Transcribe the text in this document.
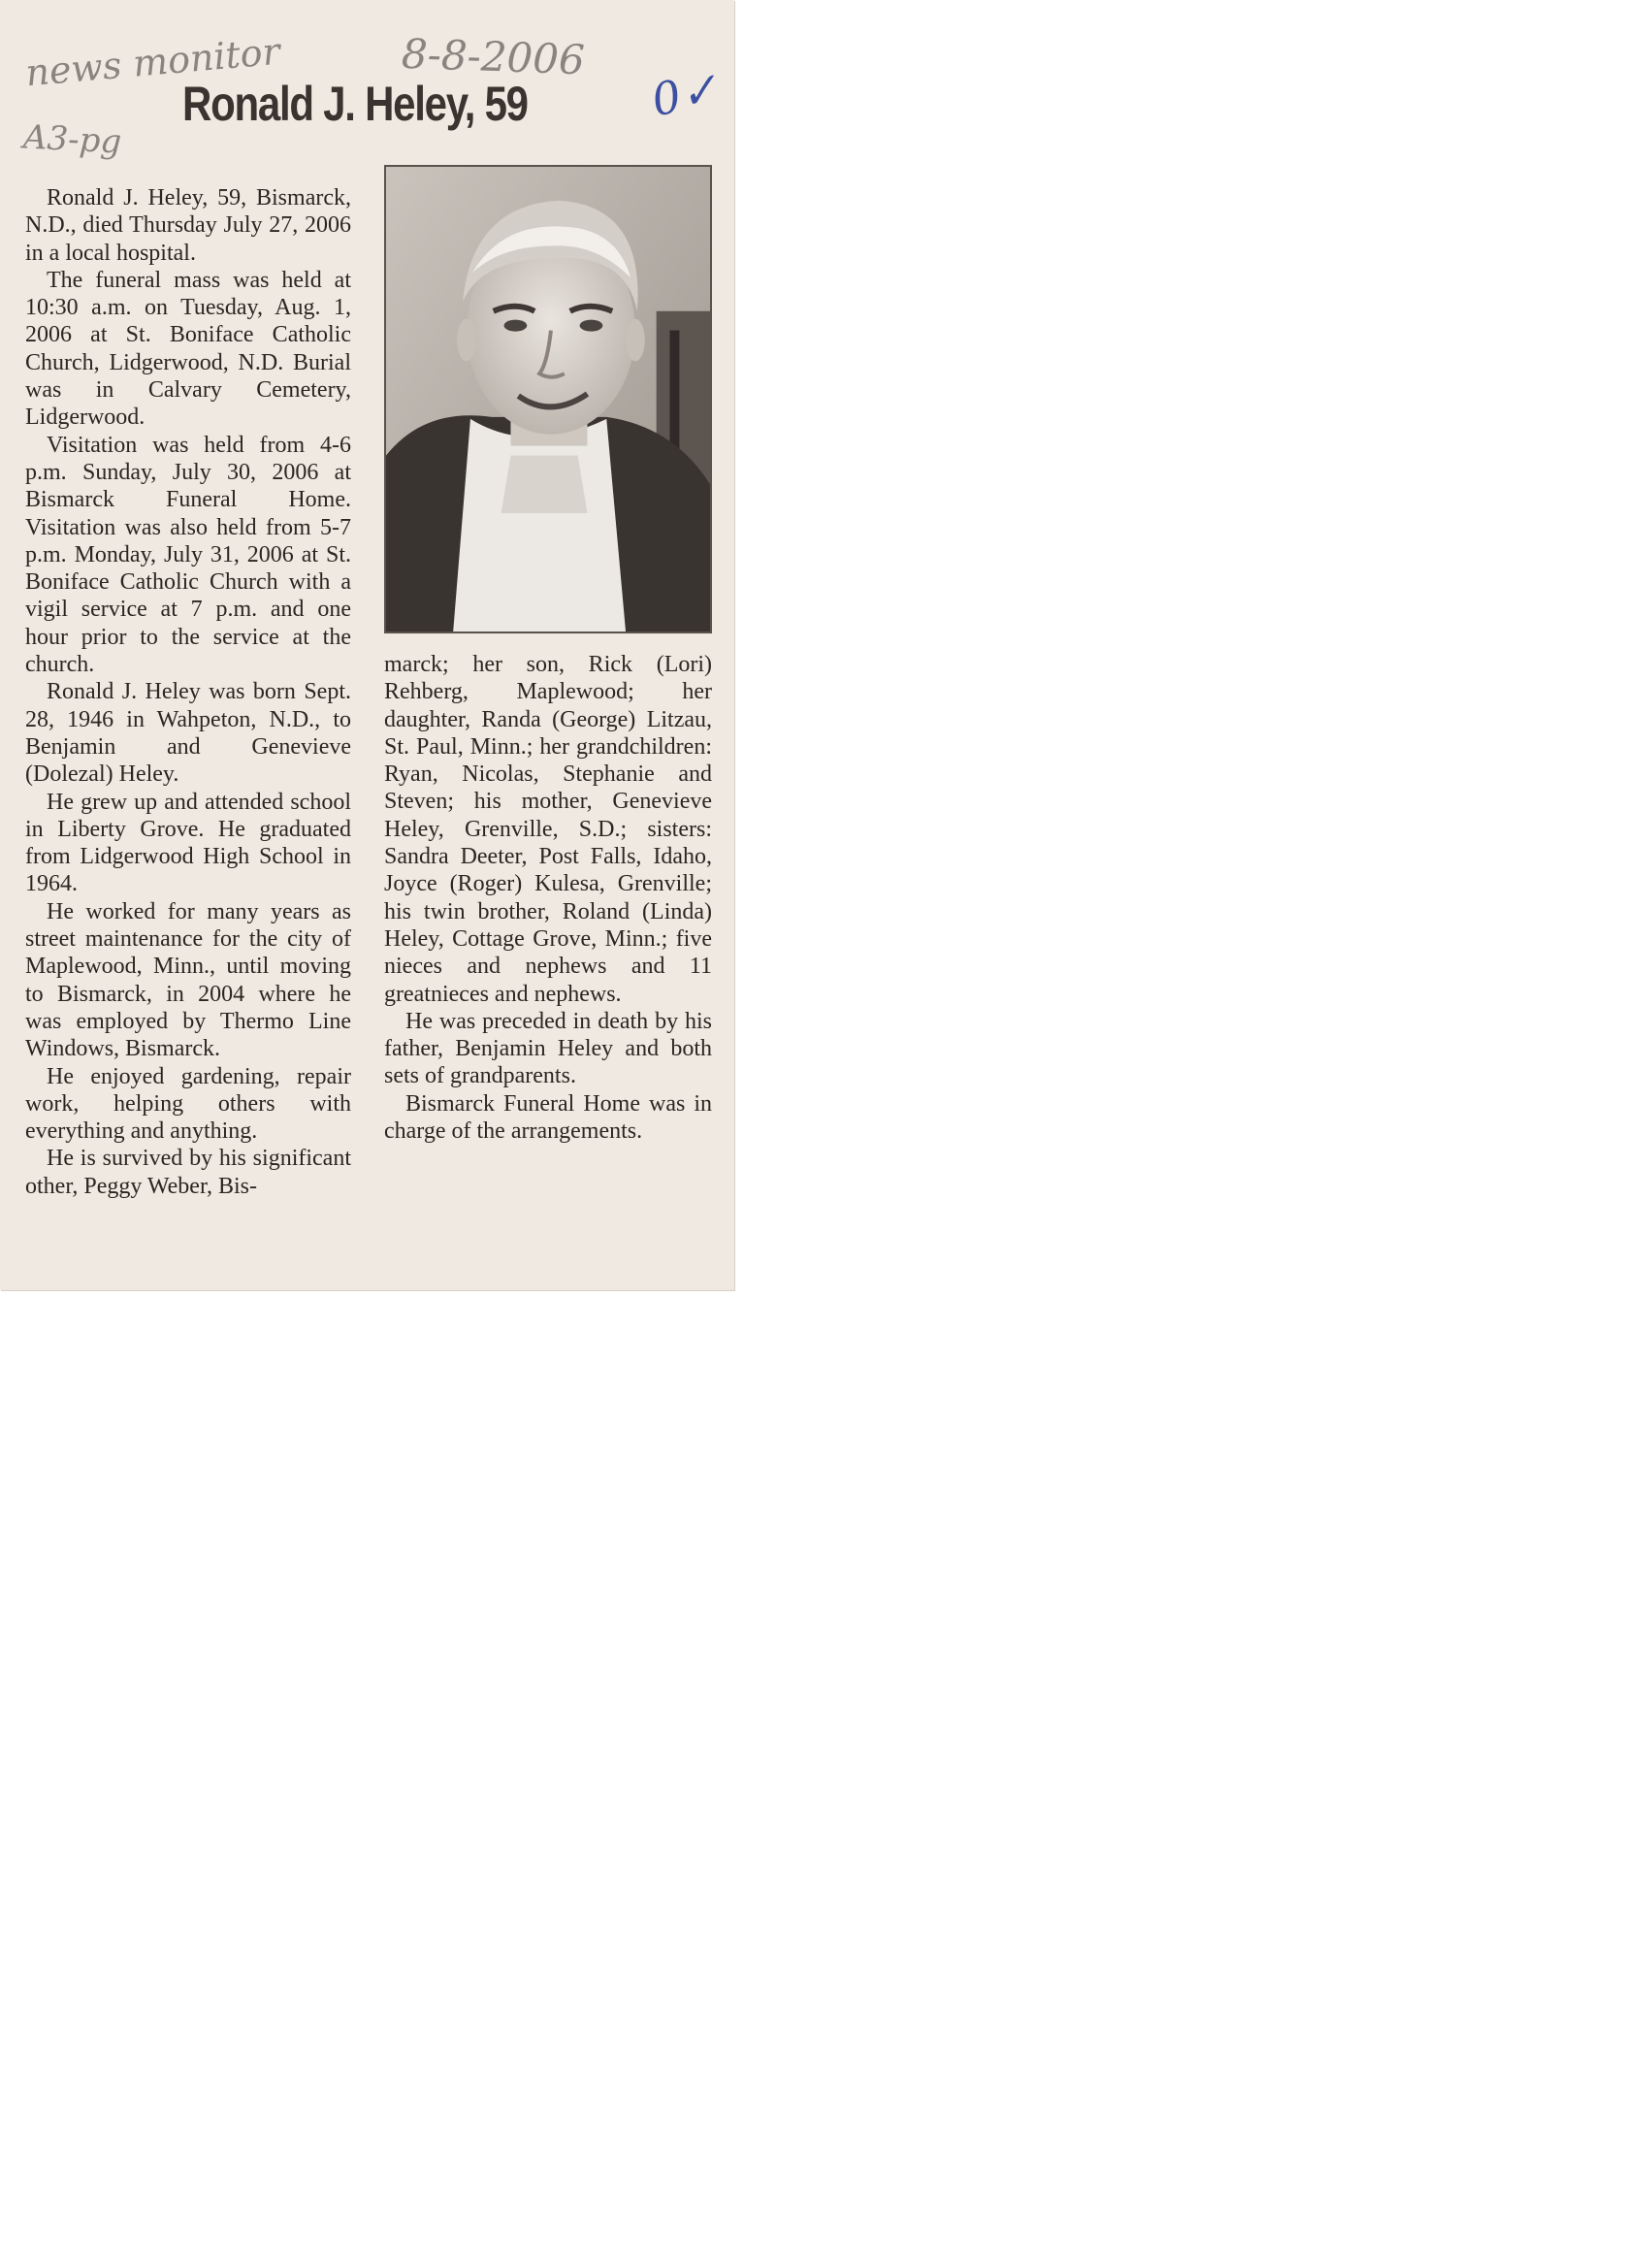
news monitor	8-8-2006
A3-pg
0✓
Ronald J. Heley, 59

Ronald J. Heley, 59, Bismarck, N.D., died Thursday July 27, 2006 in a local hospital.

The funeral mass was held at 10:30 a.m. on Tuesday, Aug. 1, 2006 at St. Boniface Catholic Church, Lidgerwood, N.D. Burial was in Calvary Cemetery, Lidgerwood.

Visitation was held from 4-6 p.m. Sunday, July 30, 2006 at Bismarck Funeral Home. Visitation was also held from 5-7 p.m. Monday, July 31, 2006 at St. Boniface Catholic Church with a vigil service at 7 p.m. and one hour prior to the service at the church.

Ronald J. Heley was born Sept. 28, 1946 in Wahpeton, N.D., to Benjamin and Genevieve (Dolezal) Heley.

He grew up and attended school in Liberty Grove. He graduated from Lidgerwood High School in 1964.

He worked for many years as street maintenance for the city of Maplewood, Minn., until moving to Bismarck, in 2004 where he was employed by Thermo Line Windows, Bismarck.

He enjoyed gardening, repair work, helping others with everything and anything.

He is survived by his significant other, Peggy Weber, Bis-

marck; her son, Rick (Lori) Rehberg, Maplewood; her daughter, Randa (George) Litzau, St. Paul, Minn.; her grandchildren: Ryan, Nicolas, Stephanie and Steven; his mother, Genevieve Heley, Grenville, S.D.; sisters: Sandra Deeter, Post Falls, Idaho, Joyce (Roger) Kulesa, Grenville; his twin brother, Roland (Linda) Heley, Cottage Grove, Minn.; five nieces and nephews and 11 greatnieces and nephews.

He was preceded in death by his father, Benjamin Heley and both sets of grandparents.

Bismarck Funeral Home was in charge of the arrangements.
